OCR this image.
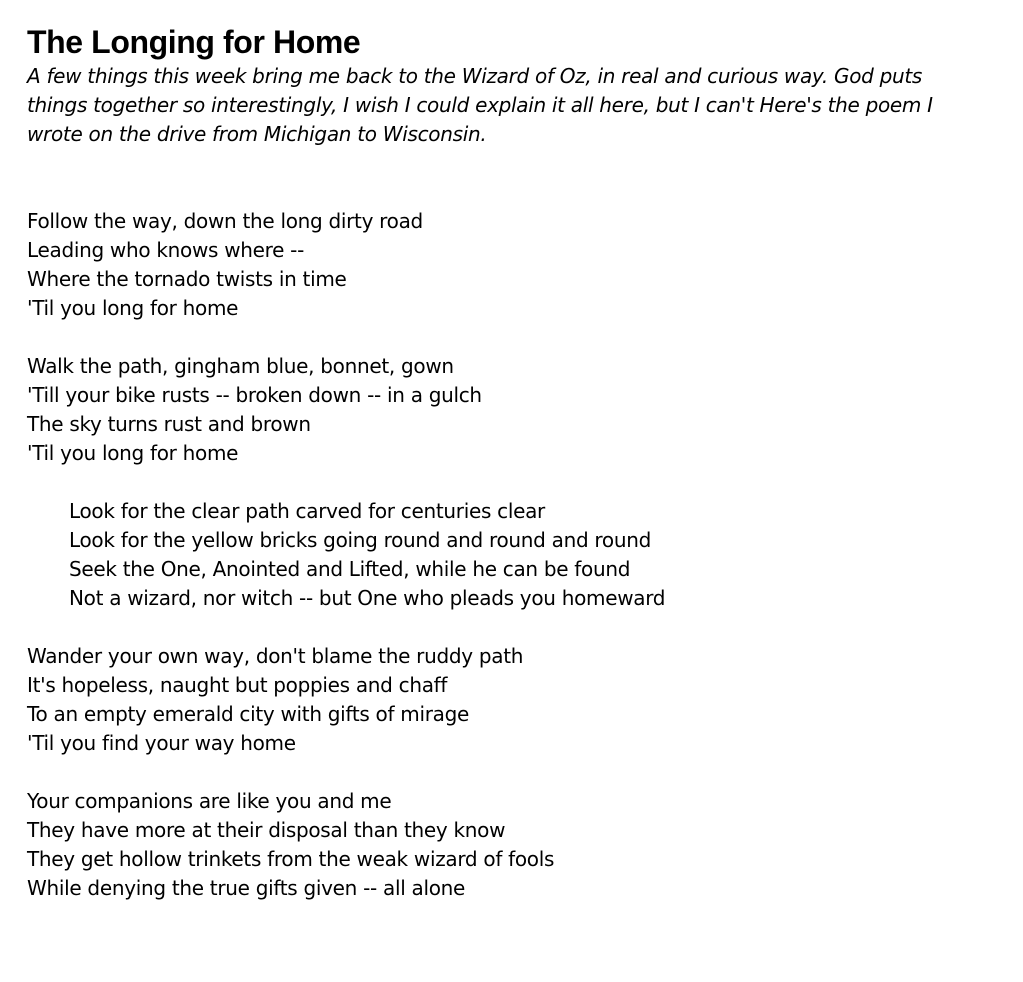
The Longing for Home

A few things this week bring me back to the Wizard of Oz, in real and curious way. God puts
things together so interestingly, I wish I could explain it all here, but I can't Here's the poem I
wrote on the drive from Michigan to Wisconsin.

Follow the way, down the long dirty road
Leading who knows where --
Where the tornado twists in time
'Til you long for home
Walk the path, gingham blue, bonnet, gown
'Till your bike rusts -- broken down -- in a gulch
The sky turns rust and brown
'Til you long for home
Look for the clear path carved for centuries clear
Look for the yellow bricks going round and round and round
Seek the One, Anointed and Lifted, while he can be found
Not a wizard, nor witch -- but One who pleads you homeward
Wander your own way, don't blame the ruddy path
It's hopeless, naught but poppies and chaff
To an empty emerald city with gifts of mirage
'Til you find your way home
Your companions are like you and me
They have more at their disposal than they know
They get hollow trinkets from the weak wizard of fools
While denying the true gifts given -- all alone
